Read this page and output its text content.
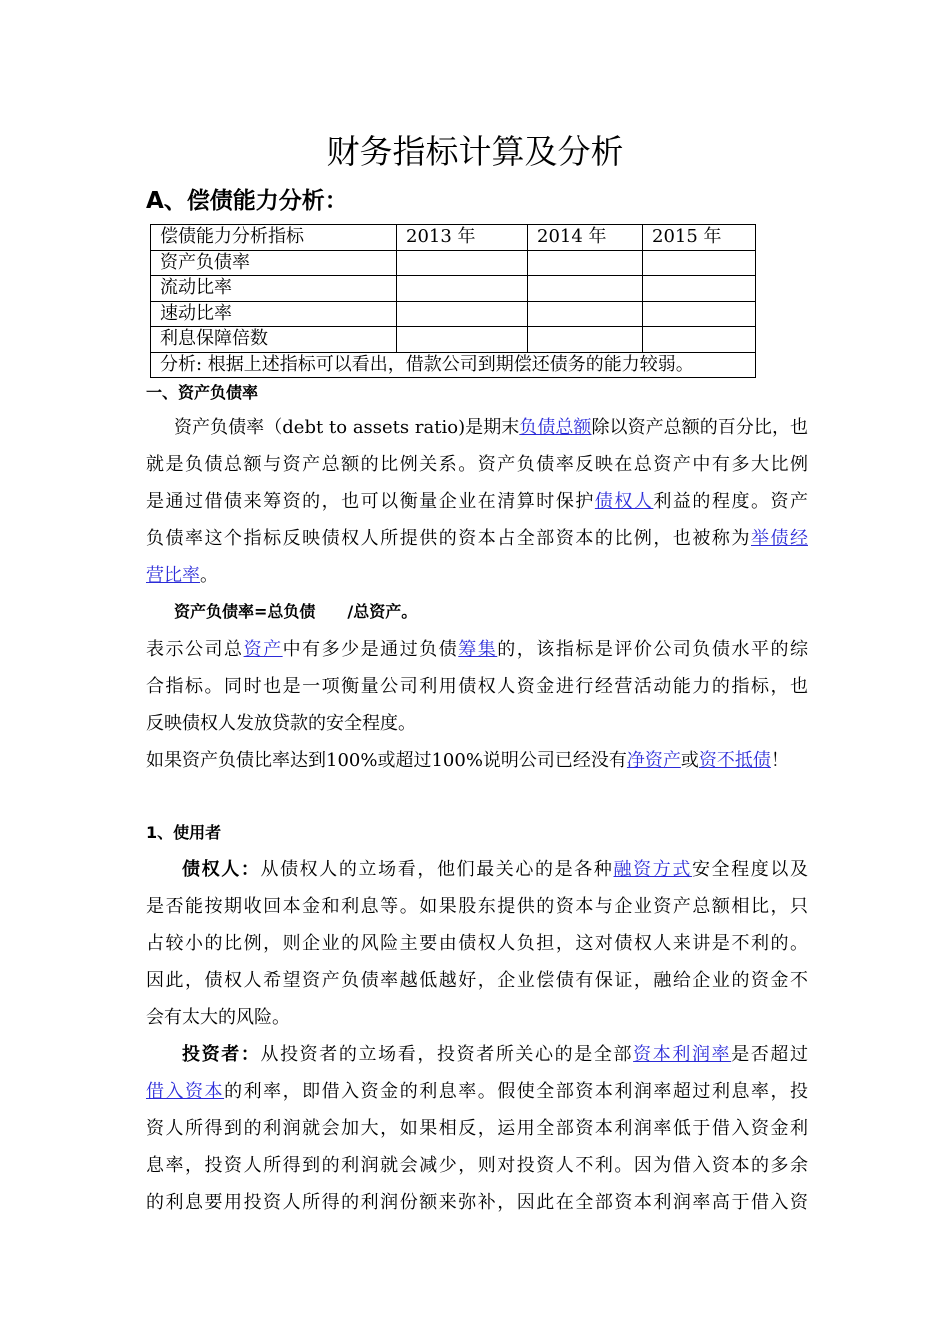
财务指标计算及分析
A、偿债能力分析：
偿债能力分析指标	2013 年	2014 年	2015 年
资产负债率			
流动比率			
速动比率			
利息保障倍数			
分析: 根据上述指标可以看出，借款公司到期偿还债务的能力较弱。			
一、资产负债率
资产负债率（debt to assets ratio)是期末负债总额除以资产总额的百分比，也
就是负债总额与资产总额的比例关系。资产负债率反映在总资产中有多大比例
是通过借债来筹资的，也可以衡量企业在清算时保护债权人利益的程度。资产
负债率这个指标反映债权人所提供的资本占全部资本的比例，也被称为举债经
营比率。
资产负债率=总负债　　/总资产。
表示公司总资产中有多少是通过负债筹集的，该指标是评价公司负债水平的综
合指标。同时也是一项衡量公司利用债权人资金进行经营活动能力的指标，也
反映债权人发放贷款的安全程度。
如果资产负债比率达到100%或超过100%说明公司已经没有净资产或资不抵债！
1、使用者
债权人：从债权人的立场看，他们最关心的是各种融资方式安全程度以及
是否能按期收回本金和利息等。如果股东提供的资本与企业资产总额相比，只
占较小的比例，则企业的风险主要由债权人负担，这对债权人来讲是不利的。
因此，债权人希望资产负债率越低越好，企业偿债有保证，融给企业的资金不
会有太大的风险。
投资者：从投资者的立场看，投资者所关心的是全部资本利润率是否超过
借入资本的利率，即借入资金的利息率。假使全部资本利润率超过利息率，投
资人所得到的利润就会加大，如果相反，运用全部资本利润率低于借入资金利
息率，投资人所得到的利润就会减少，则对投资人不利。因为借入资本的多余
的利息要用投资人所得的利润份额来弥补，因此在全部资本利润率高于借入资
